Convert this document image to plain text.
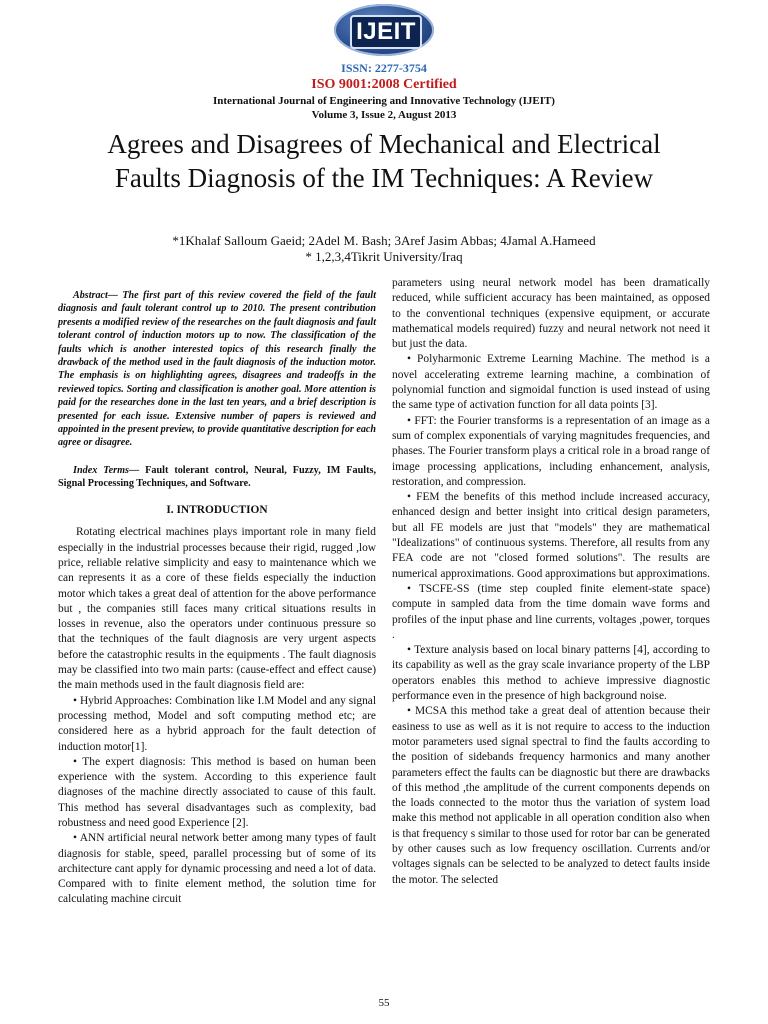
IJEIT
ISSN: 2277-3754
ISO 9001:2008 Certified
International Journal of Engineering and Innovative Technology (IJEIT)
Volume 3, Issue 2, August 2013
Agrees and Disagrees of Mechanical and Electrical Faults Diagnosis of the IM Techniques: A Review
*1Khalaf Salloum Gaeid; 2Adel M. Bash; 3Aref Jasim Abbas; 4Jamal A.Hameed
* 1,2,3,4Tikrit University/Iraq

Abstract— The first part of this review covered the field of the fault diagnosis and fault tolerant control up to 2010. The present contribution presents a modified review of the researches on the fault diagnosis and fault tolerant control of induction motors up to now. The classification of the faults which is another interested topics of this research finally the drawback of the method used in the fault diagnosis of the induction motor. The emphasis is on highlighting agrees, disagrees and tradeoffs in the reviewed topics. Sorting and classification is another goal. More attention is paid for the researches done in the last ten years, and a brief description is presented for each issue. Extensive number of papers is reviewed and appointed in the present preview, to provide quantitative description for each agree or disagree.

Index Terms— Fault tolerant control, Neural, Fuzzy, IM Faults, Signal Processing Techniques, and Software.

I. INTRODUCTION

Rotating electrical machines plays important role in many field especially in the industrial processes because their rigid, rugged ,low price, reliable relative simplicity and easy to maintenance which we can represents it as a core of these fields especially the induction motor which takes a great deal of attention for the above performance but , the companies still faces many critical situations results in losses in revenue, also the operators under continuous pressure so that the techniques of the fault diagnosis are very urgent aspects before the catastrophic results in the equipments . The fault diagnosis may be classified into two main parts: (cause-effect and effect cause) the main methods used in the fault diagnosis field are:

• Hybrid Approaches: Combination like I.M Model and any signal processing method, Model and soft computing method etc; are considered here as a hybrid approach for the fault detection of induction motor[1].

• The expert diagnosis: This method is based on human been experience with the system. According to this experience fault diagnoses of the machine directly associated to cause of this fault. This method has several disadvantages such as complexity, bad robustness and need good Experience [2].

• ANN artificial neural network better among many types of fault diagnosis for stable, speed, parallel processing but of some of its architecture cant apply for dynamic processing and need a lot of data. Compared with to finite element method, the solution time for calculating machine circuit

parameters using neural network model has been dramatically reduced, while sufficient accuracy has been maintained, as opposed to the conventional techniques (expensive equipment, or accurate mathematical models required) fuzzy and neural network not need it but just the data.

• Polyharmonic Extreme Learning Machine. The method is a novel accelerating extreme learning machine, a combination of polynomial function and sigmoidal function is used instead of using the same type of activation function for all data points [3].

• FFT: the Fourier transforms is a representation of an image as a sum of complex exponentials of varying magnitudes frequencies, and phases. The Fourier transform plays a critical role in a broad range of image processing applications, including enhancement, analysis, restoration, and compression.

• FEM the benefits of this method include increased accuracy, enhanced design and better insight into critical design parameters, but all FE models are just that "models" they are mathematical "Idealizations" of continuous systems. Therefore, all results from any FEA code are not "closed formed solutions". The results are numerical approximations. Good approximations but approximations.

• TSCFE-SS (time step coupled finite element-state space) compute in sampled data from the time domain wave forms and profiles of the input phase and line currents, voltages ,power, torques .

• Texture analysis based on local binary patterns [4], according to its capability as well as the gray scale invariance property of the LBP operators enables this method to achieve impressive diagnostic performance even in the presence of high background noise.

• MCSA this method take a great deal of attention because their easiness to use as well as it is not require to access to the induction motor parameters used signal spectral to find the faults according to the position of sidebands frequency harmonics and many another parameters effect the faults can be diagnostic but there are drawbacks of this method ,the amplitude of the current components depends on the loads connected to the motor thus the variation of system load make this method not applicable in all operation condition also when is that frequency s similar to those used for rotor bar can be generated by other causes such as low frequency oscillation. Currents and/or voltages signals can be selected to be analyzed to detect faults inside the motor. The selected

55
